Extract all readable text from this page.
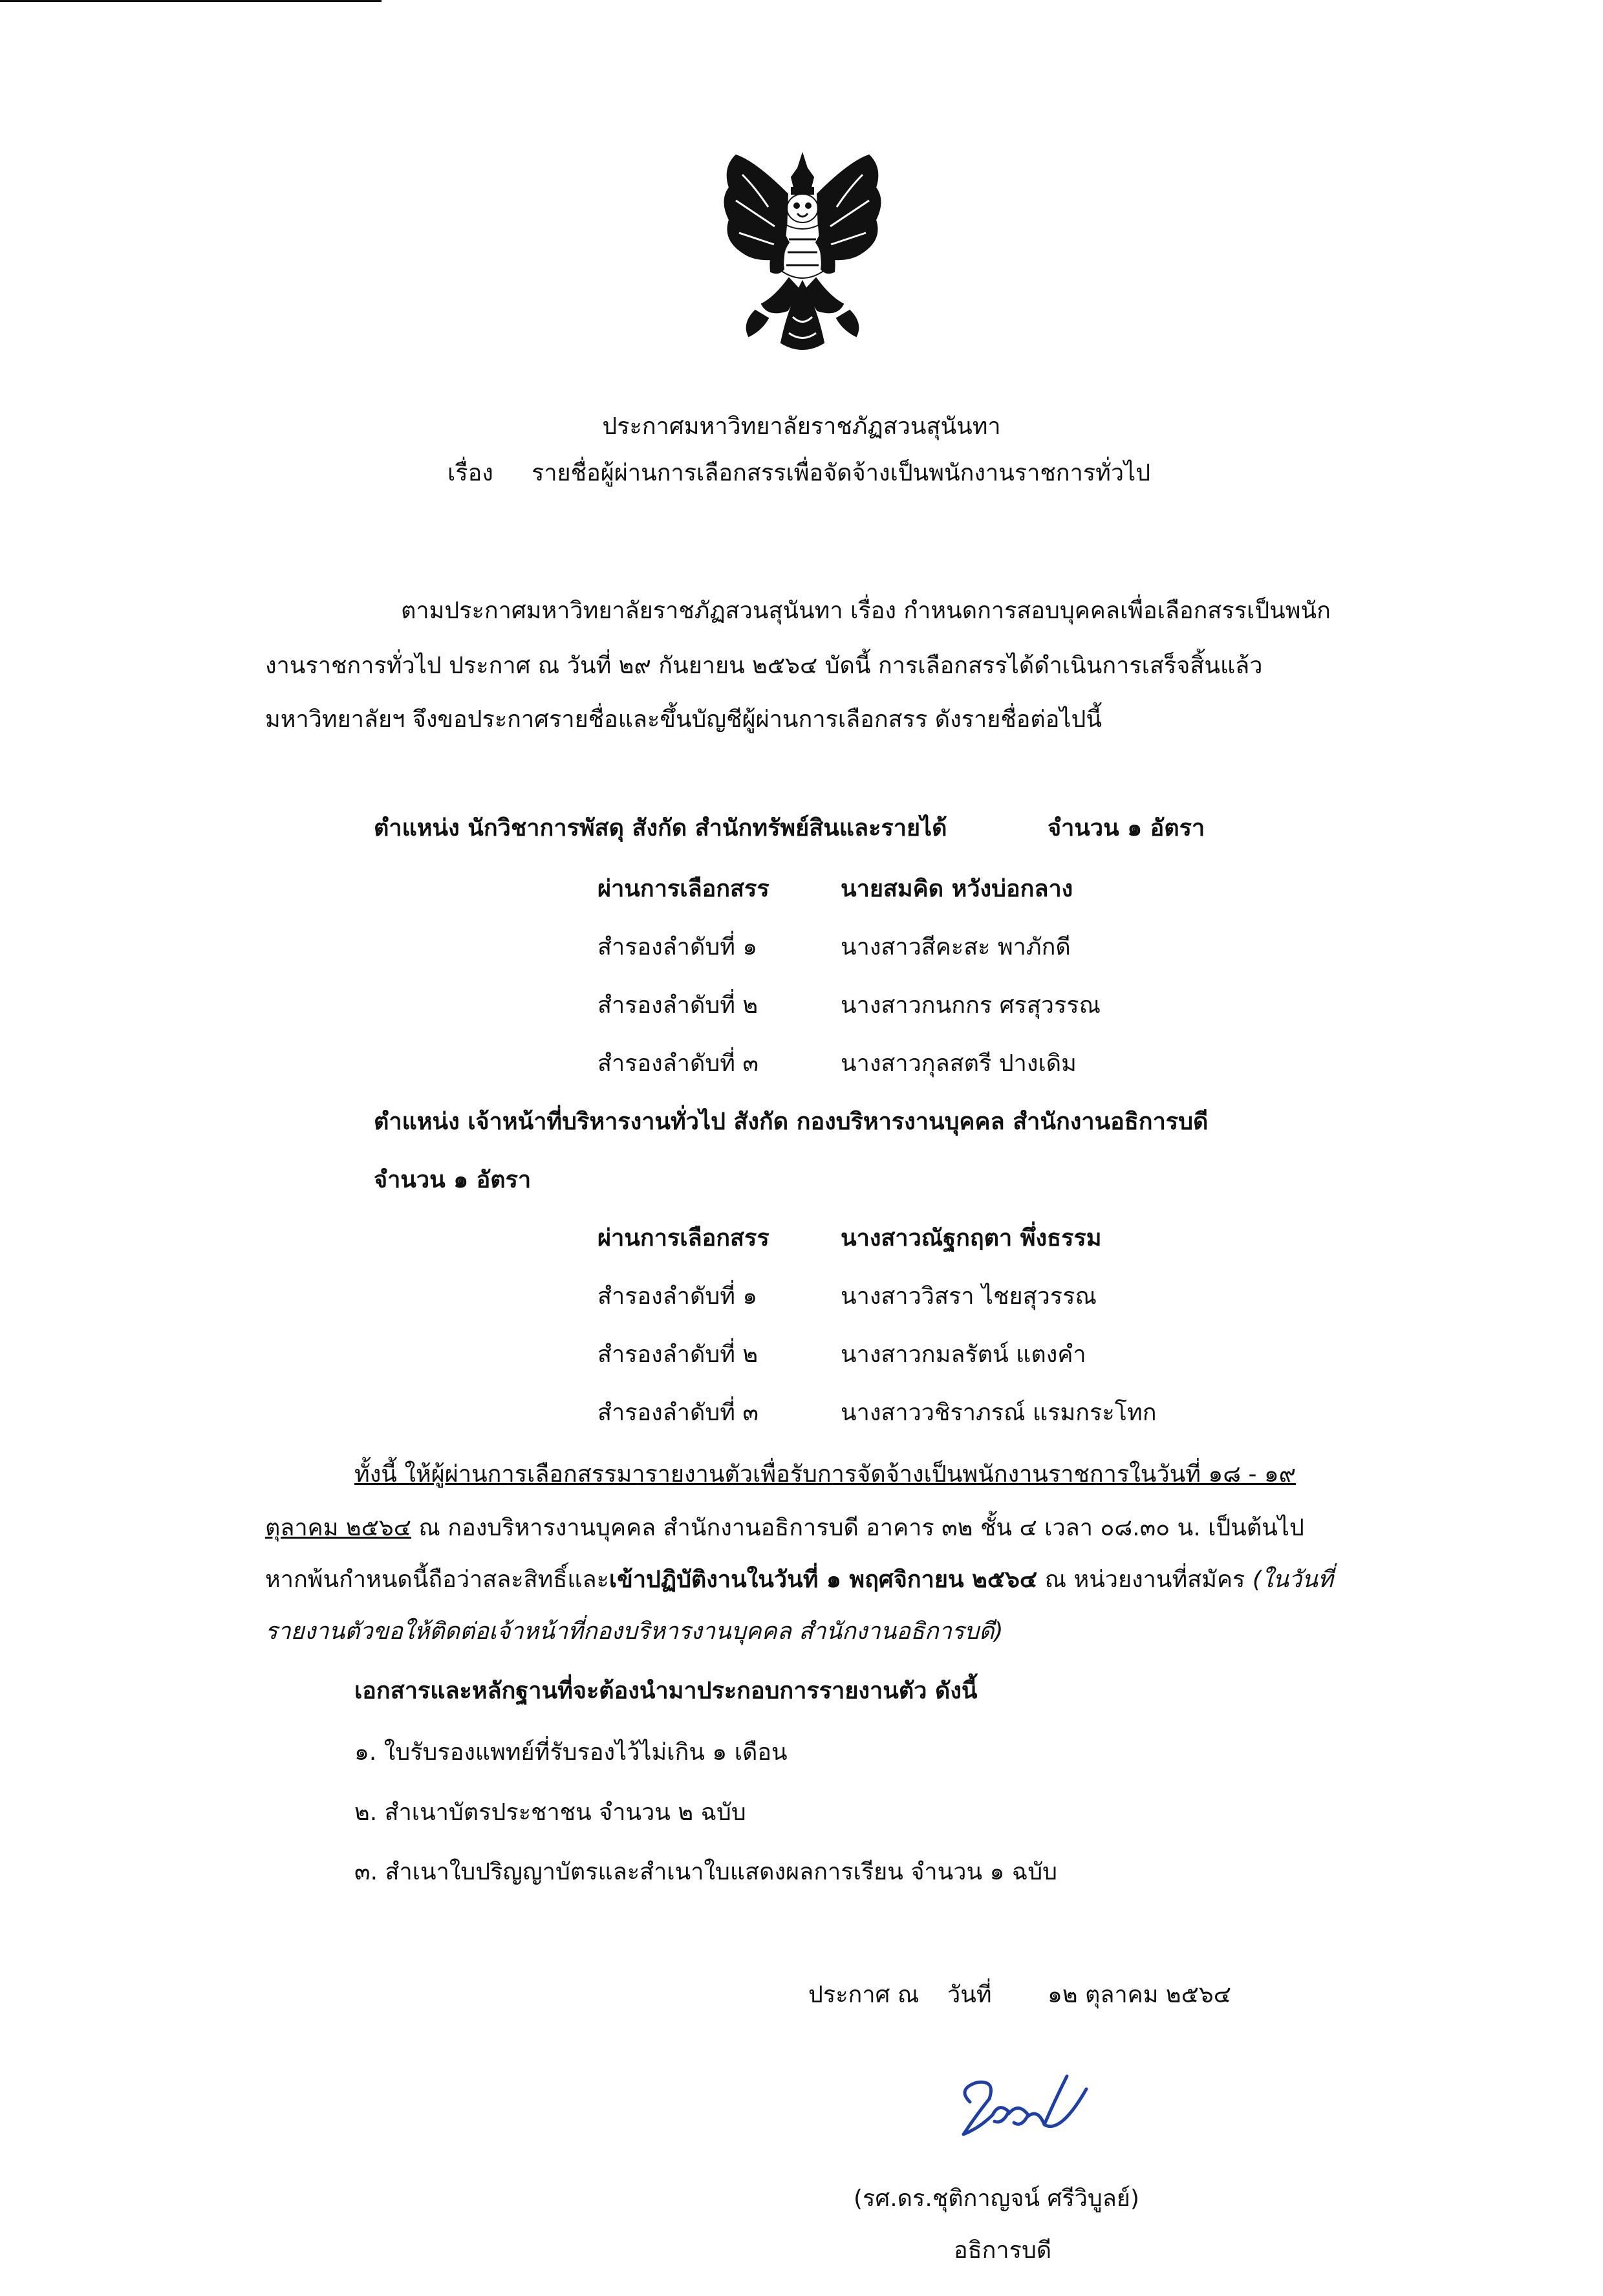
ประกาศมหาวิทยาลัยราชภัฏสวนสุนันทา
เรื่อง รายชื่อผู้ผ่านการเลือกสรรเพื่อจัดจ้างเป็นพนักงานราชการทั่วไป
ตามประกาศมหาวิทยาลัยราชภัฏสวนสุนันทา เรื่อง กำหนดการสอบบุคคลเพื่อเลือกสรรเป็นพนัก
งานราชการทั่วไป ประกาศ ณ วันที่ ๒๙ กันยายน ๒๕๖๔ บัดนี้ การเลือกสรรได้ดำเนินการเสร็จสิ้นแล้ว
มหาวิทยาลัยฯ จึงขอประกาศรายชื่อและขึ้นบัญชีผู้ผ่านการเลือกสรร ดังรายชื่อต่อไปนี้
ตำแหน่ง นักวิชาการพัสดุ สังกัด สำนักทรัพย์สินและรายได้	จำนวน ๑ อัตรา
ผ่านการเลือกสรร	นายสมคิด หวังบ่อกลาง
สำรองลำดับที่ ๑	นางสาวสีคะสะ พาภักดี
สำรองลำดับที่ ๒	นางสาวกนกกร ศรสุวรรณ
สำรองลำดับที่ ๓	นางสาวกุลสตรี ปางเดิม
ตำแหน่ง เจ้าหน้าที่บริหารงานทั่วไป สังกัด กองบริหารงานบุคคล สำนักงานอธิการบดี
จำนวน ๑ อัตรา
ผ่านการเลือกสรร	นางสาวณัฐกฤตา พึ่งธรรม
สำรองลำดับที่ ๑	นางสาววิสรา ไชยสุวรรณ
สำรองลำดับที่ ๒	นางสาวกมลรัตน์ แตงคำ
สำรองลำดับที่ ๓	นางสาววชิราภรณ์ แรมกระโทก
ทั้งนี้ ให้ผู้ผ่านการเลือกสรรมารายงานตัวเพื่อรับการจัดจ้างเป็นพนักงานราชการในวันที่ ๑๘ - ๑๙
ตุลาคม ๒๕๖๔ ณ กองบริหารงานบุคคล สำนักงานอธิการบดี อาคาร ๓๒ ชั้น ๔ เวลา ๐๘.๓๐ น. เป็นต้นไป
หากพ้นกำหนดนี้ถือว่าสละสิทธิ์และเข้าปฏิบัติงานในวันที่ ๑ พฤศจิกายน ๒๕๖๔ ณ หน่วยงานที่สมัคร (ในวันที่
รายงานตัวขอให้ติดต่อเจ้าหน้าที่กองบริหารงานบุคคล สำนักงานอธิการบดี)
เอกสารและหลักฐานที่จะต้องนำมาประกอบการรายงานตัว ดังนี้
๑. ใบรับรองแพทย์ที่รับรองไว้ไม่เกิน ๑ เดือน
๒. สำเนาบัตรประชาชน จำนวน ๒ ฉบับ
๓. สำเนาใบปริญญาบัตรและสำเนาใบแสดงผลการเรียน จำนวน ๑ ฉบับ
ประกาศ ณ วันที่ ๑๒ ตุลาคม ๒๕๖๔
(รศ.ดร.ชุติกาญจน์ ศรีวิบูลย์)
อธิการบดี
